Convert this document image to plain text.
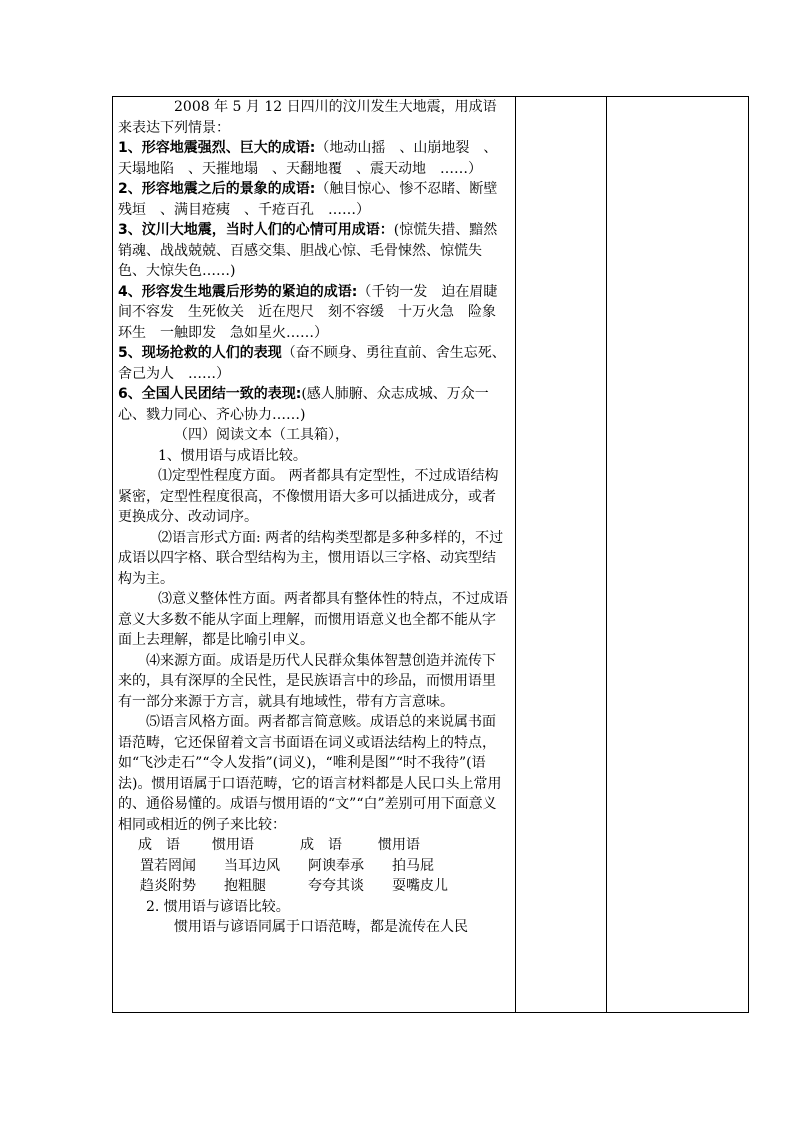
2008 年 5 月 12 日四川的汶川发生大地震，用成语来表达下列情景：

1、形容地震强烈、巨大的成语:（地动山摇　、山崩地裂　、天塌地陷　、天摧地塌　、天翻地覆　、震天动地　……）

2、形容地震之后的景象的成语:（触目惊心、惨不忍睹、断壁残垣　、满目疮痍　、千疮百孔　……）

3、汶川大地震，当时人们的心情可用成语：(惊慌失措、黯然销魂、战战兢兢、百感交集、胆战心惊、毛骨悚然、惊慌失色、大惊失色……)

4、形容发生地震后形势的紧迫的成语:（千钧一发　迫在眉睫　间不容发　生死攸关　近在咫尺　刻不容缓　十万火急　险象环生　一触即发　急如星火……）

5、现场抢救的人们的表现（奋不顾身、勇往直前、舍生忘死、舍己为人　……）

6、全国人民团结一致的表现:(感人肺腑、众志成城、万众一心、戮力同心、齐心协力……)

（四）阅读文本（工具箱），

1、惯用语与成语比较。

⑴定型性程度方面。 两者都具有定型性，不过成语结构紧密，定型性程度很高，不像惯用语大多可以插进成分，或者更换成分、改动词序。

⑵语言形式方面: 两者的结构类型都是多种多样的，不过成语以四字格、联合型结构为主，惯用语以三字格、动宾型结构为主。

⑶意义整体性方面。两者都具有整体性的特点，不过成语意义大多数不能从字面上理解，而惯用语意义也全都不能从字面上去理解，都是比喻引申义。

⑷来源方面。成语是历代人民群众集体智慧创造并流传下来的，具有深厚的全民性，是民族语言中的珍品，而惯用语里有一部分来源于方言，就具有地域性，带有方言意味。

⑸语言风格方面。两者都言简意赅。成语总的来说属书面语范畴，它还保留着文言书面语在词义或语法结构上的特点，如“飞沙走石”“令人发指”(词义)，“唯利是图”“时不我待”(语法)。惯用语属于口语范畴，它的语言材料都是人民口头上常用的、通俗易懂的。成语与惯用语的“文”“白”差别可用下面意义相同或相近的例子来比较：

成　语	惯用语	成　语	惯用语
置若罔闻	当耳边风	阿谀奉承	拍马屁
趋炎附势	抱粗腿	夸夸其谈	耍嘴皮儿

2. 惯用语与谚语比较。

惯用语与谚语同属于口语范畴，都是流传在人民
